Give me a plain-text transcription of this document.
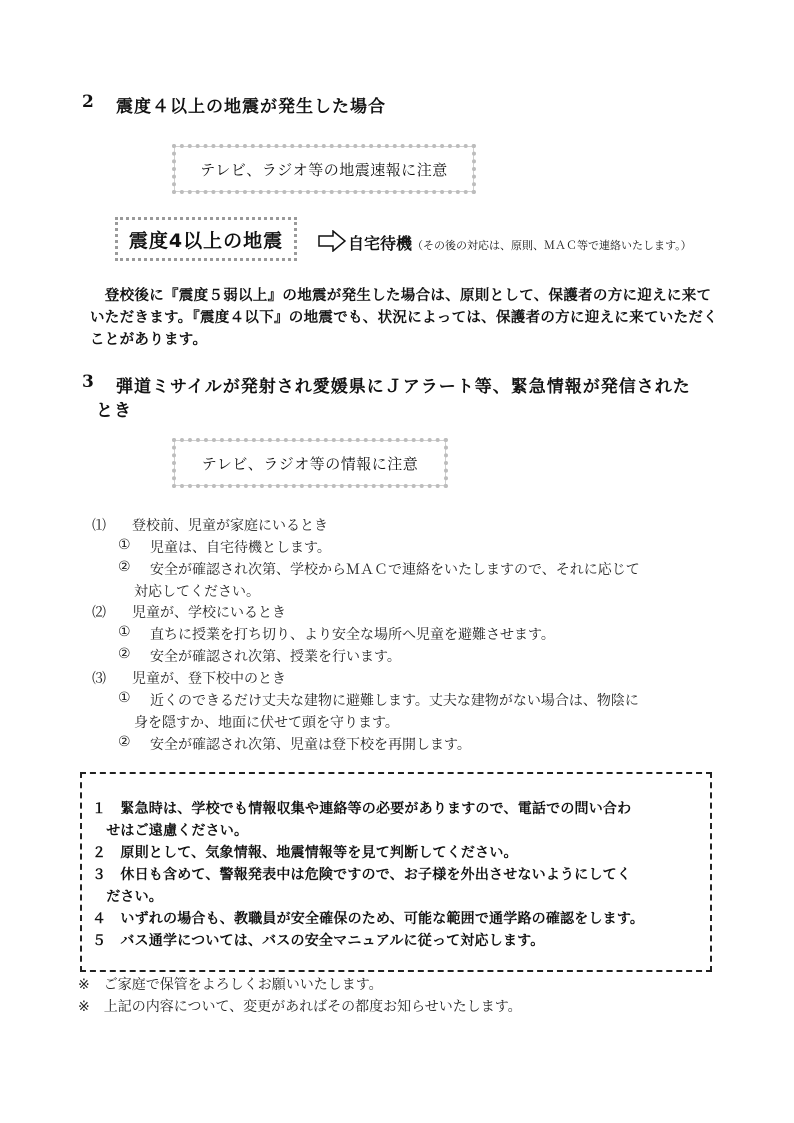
2 震度４以上の地震が発生した場合
テレビ、ラジオ等の地震速報に注意
震度4以上の地震	自宅待機（その後の対応は、原則、ＭＡＣ等で連絡いたします。）
　登校後に『震度５弱以上』の地震が発生した場合は、原則として、保護者の方に迎えに来ていただきます。『震度４以下』の地震でも、状況によっては、保護者の方に迎えに来ていただくことがあります。
3 弾道ミサイルが発射され愛媛県にＪアラート等、緊急情報が発信された
とき
テレビ、ラジオ等の情報に注意
⑴ 登校前、児童が家庭にいるとき
① 児童は、自宅待機とします。
② 安全が確認され次第、学校からＭＡＣで連絡をいたしますので、それに応じて
対応してください。
⑵ 児童が、学校にいるとき
① 直ちに授業を打ち切り、より安全な場所へ児童を避難させます。
② 安全が確認され次第、授業を行います。
⑶ 児童が、登下校中のとき
① 近くのできるだけ丈夫な建物に避難します。丈夫な建物がない場合は、物陰に
身を隠すか、地面に伏せて頭を守ります。
② 安全が確認され次第、児童は登下校を再開します。
１　緊急時は、学校でも情報収集や連絡等の必要がありますので、電話での問い合わ
　せはご遠慮ください。
２　原則として、気象情報、地震情報等を見て判断してください。
３　休日も含めて、警報発表中は危険ですので、お子様を外出させないようにしてく
　ださい。
４　いずれの場合も、教職員が安全確保のため、可能な範囲で通学路の確認をします。
５　バス通学については、バスの安全マニュアルに従って対応します。
※　ご家庭で保管をよろしくお願いいたします。
※　上記の内容について、変更があればその都度お知らせいたします。
